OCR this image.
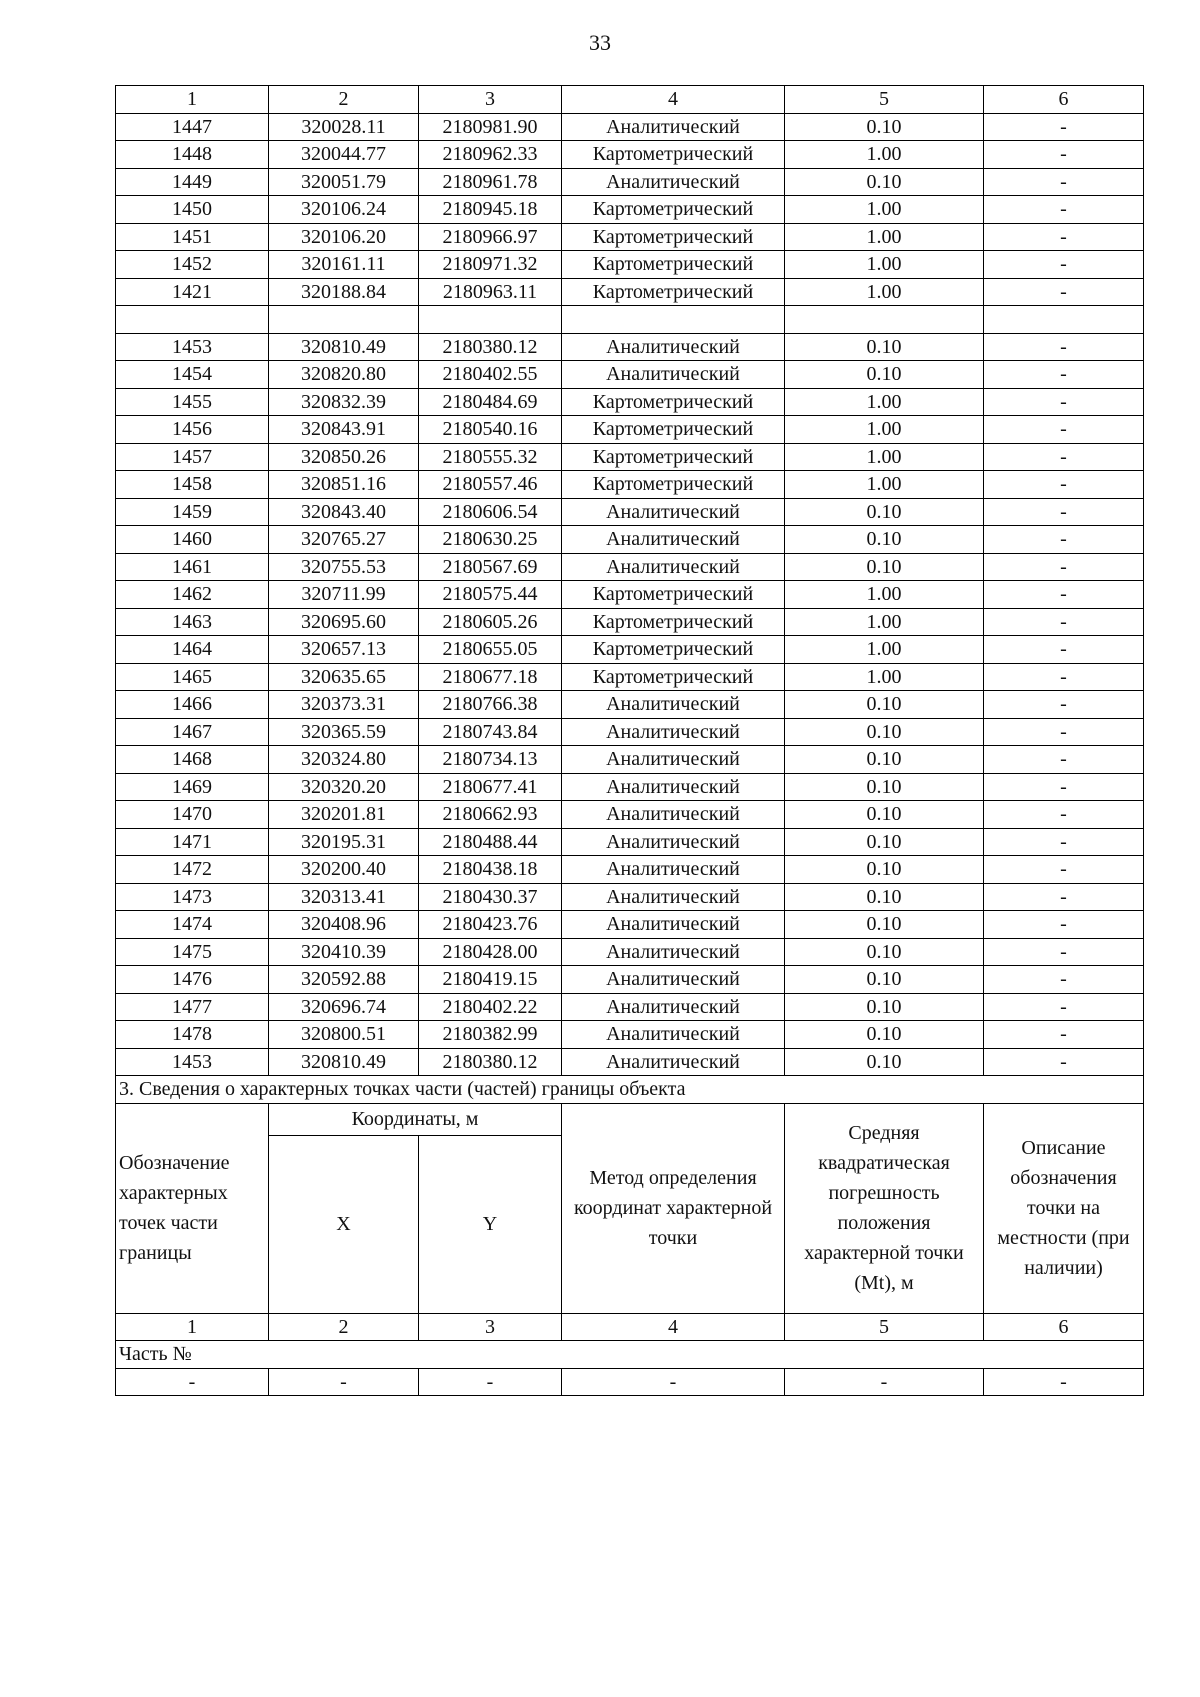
33
1	2	3	4	5	6
1447	320028.11	2180981.90	Аналитический	0.10	-
1448	320044.77	2180962.33	Картометрический	1.00	-
1449	320051.79	2180961.78	Аналитический	0.10	-
1450	320106.24	2180945.18	Картометрический	1.00	-
1451	320106.20	2180966.97	Картометрический	1.00	-
1452	320161.11	2180971.32	Картометрический	1.00	-
1421	320188.84	2180963.11	Картометрический	1.00	-

1453	320810.49	2180380.12	Аналитический	0.10	-
1454	320820.80	2180402.55	Аналитический	0.10	-
1455	320832.39	2180484.69	Картометрический	1.00	-
1456	320843.91	2180540.16	Картометрический	1.00	-
1457	320850.26	2180555.32	Картометрический	1.00	-
1458	320851.16	2180557.46	Картометрический	1.00	-
1459	320843.40	2180606.54	Аналитический	0.10	-
1460	320765.27	2180630.25	Аналитический	0.10	-
1461	320755.53	2180567.69	Аналитический	0.10	-
1462	320711.99	2180575.44	Картометрический	1.00	-
1463	320695.60	2180605.26	Картометрический	1.00	-
1464	320657.13	2180655.05	Картометрический	1.00	-
1465	320635.65	2180677.18	Картометрический	1.00	-
1466	320373.31	2180766.38	Аналитический	0.10	-
1467	320365.59	2180743.84	Аналитический	0.10	-
1468	320324.80	2180734.13	Аналитический	0.10	-
1469	320320.20	2180677.41	Аналитический	0.10	-
1470	320201.81	2180662.93	Аналитический	0.10	-
1471	320195.31	2180488.44	Аналитический	0.10	-
1472	320200.40	2180438.18	Аналитический	0.10	-
1473	320313.41	2180430.37	Аналитический	0.10	-
1474	320408.96	2180423.76	Аналитический	0.10	-
1475	320410.39	2180428.00	Аналитический	0.10	-
1476	320592.88	2180419.15	Аналитический	0.10	-
1477	320696.74	2180402.22	Аналитический	0.10	-
1478	320800.51	2180382.99	Аналитический	0.10	-
1453	320810.49	2180380.12	Аналитический	0.10	-
3. Сведения о характерных точках части (частей) границы объекта					
Обозначение характерных точек части границы	Координаты, м		Метод определения координат характерной точки	Средняя квадратическая погрешность положения характерной точки (Mt), м	Описание обозначения точки на местности (при наличии)
	X	Y			
1	2	3	4	5	6
Часть №					
-	-	-	-	-	-
